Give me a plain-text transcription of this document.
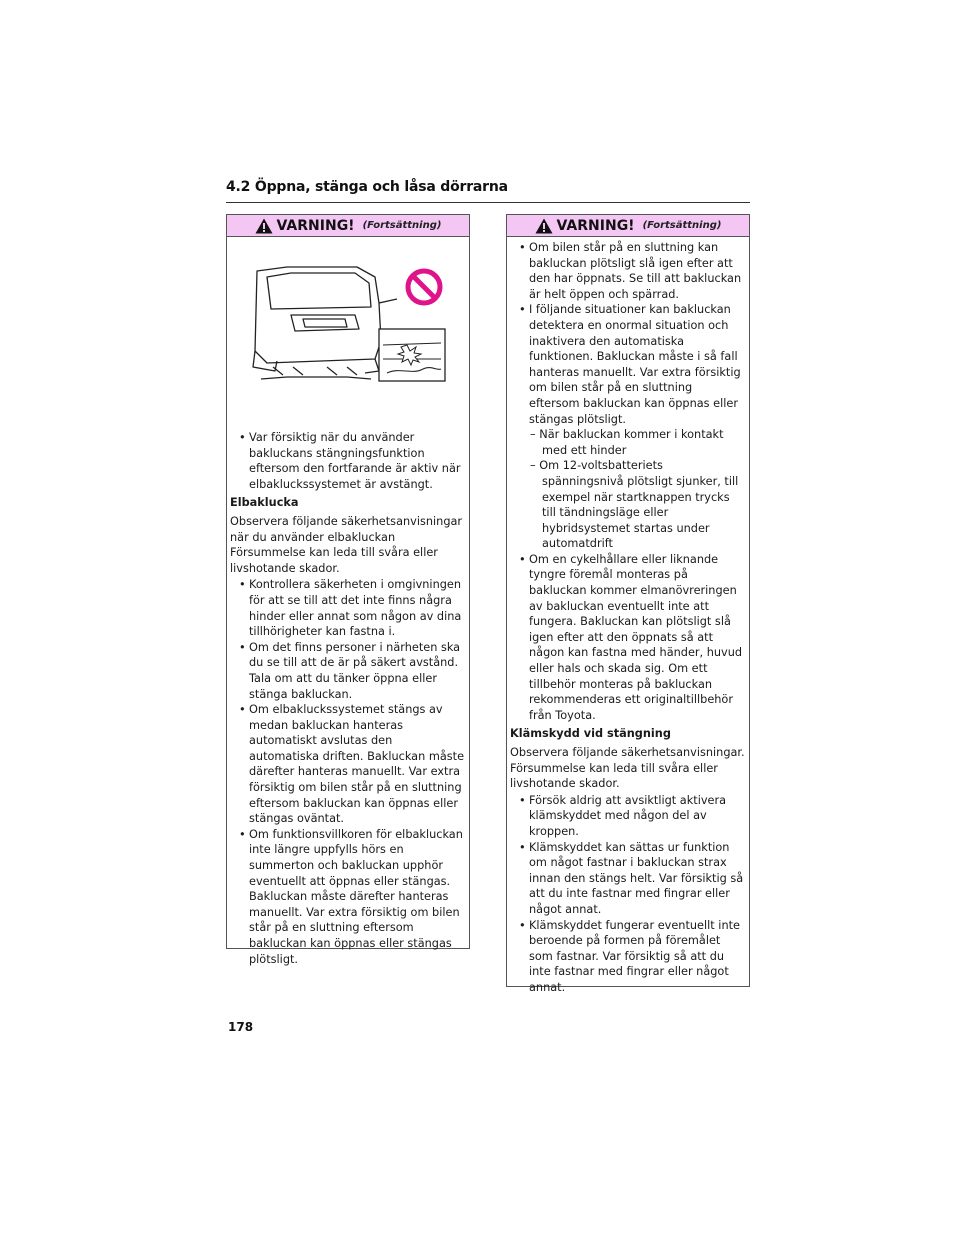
4.2 Öppna, stänga och låsa dörrarna
VARNING! (Fortsättning)

• Var försiktig när du använder bakluckans stängningsfunktion eftersom den fortfarande är aktiv när elbakluckssystemet är avstängt.

Elbaklucka

Observera följande säkerhetsanvisningar när du använder elbakluckan Försummelse kan leda till svåra eller livshotande skador.

• Kontrollera säkerheten i omgivningen för att se till att det inte finns några hinder eller annat som någon av dina tillhörigheter kan fastna i.

• Om det finns personer i närheten ska du se till att de är på säkert avstånd. Tala om att du tänker öppna eller stänga bakluckan.

• Om elbakluckssystemet stängs av medan bakluckan hanteras automatiskt avslutas den automatiska driften. Bakluckan måste därefter hanteras manuellt. Var extra försiktig om bilen står på en sluttning eftersom bakluckan kan öppnas eller stängas oväntat.

• Om funktionsvillkoren för elbakluckan inte längre uppfylls hörs en summerton och bakluckan upphör eventuellt att öppnas eller stängas. Bakluckan måste därefter hanteras manuellt. Var extra försiktig om bilen står på en sluttning eftersom bakluckan kan öppnas eller stängas plötsligt.

VARNING! (Fortsättning)

• Om bilen står på en sluttning kan bakluckan plötsligt slå igen efter att den har öppnats. Se till att bakluckan är helt öppen och spärrad.

• I följande situationer kan bakluckan detektera en onormal situation och inaktivera den automatiska funktionen. Bakluckan måste i så fall hanteras manuellt. Var extra försiktig om bilen står på en sluttning eftersom bakluckan kan öppnas eller stängas plötsligt.

– När bakluckan kommer i kontakt med ett hinder

– Om 12-voltsbatteriets spänningsnivå plötsligt sjunker, till exempel när startknappen trycks till tändningsläge eller hybridsystemet startas under automatdrift

• Om en cykelhållare eller liknande tyngre föremål monteras på bakluckan kommer elmanövreringen av bakluckan eventuellt inte att fungera. Bakluckan kan plötsligt slå igen efter att den öppnats så att någon kan fastna med händer, huvud eller hals och skada sig. Om ett tillbehör monteras på bakluckan rekommenderas ett originaltillbehör från Toyota.

Klämskydd vid stängning

Observera följande säkerhetsanvisningar. Försummelse kan leda till svåra eller livshotande skador.

• Försök aldrig att avsiktligt aktivera klämskyddet med någon del av kroppen.

• Klämskyddet kan sättas ur funktion om något fastnar i bakluckan strax innan den stängs helt. Var försiktig så att du inte fastnar med fingrar eller något annat.

• Klämskyddet fungerar eventuellt inte beroende på formen på föremålet som fastnar. Var försiktig så att du inte fastnar med fingrar eller något annat.

178
